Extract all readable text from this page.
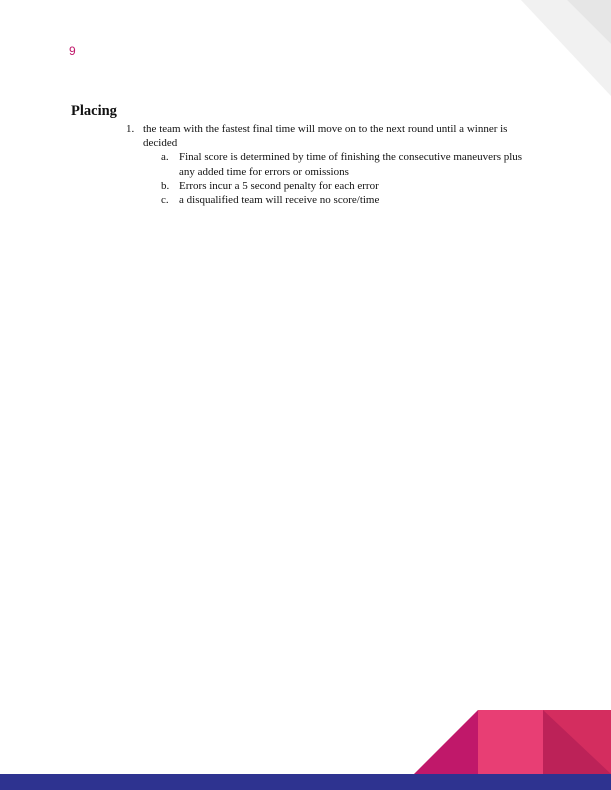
9
Placing
1. the team with the fastest final time will move on to the next round until a winner is decided
a. Final score is determined by time of finishing the consecutive maneuvers plus any added time for errors or omissions
b. Errors incur a 5 second penalty for each error
c. a disqualified team will receive no score/time
